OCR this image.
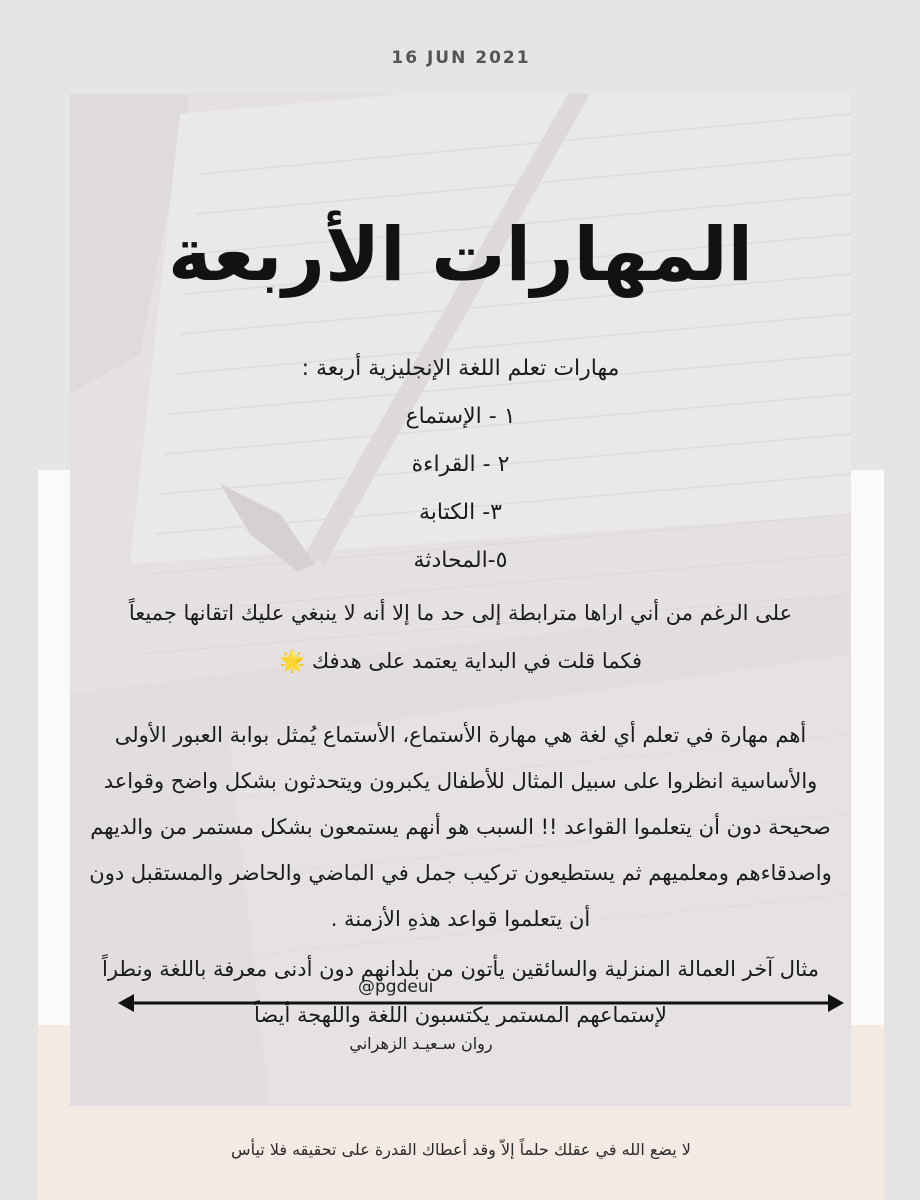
16 JUN 2021
المهارات الأربعة
مهارات تعلم اللغة الإنجليزية أربعة :
١ - الإستماع
٢ - القراءة
٣- الكتابة
٥-المحادثة
على الرغم من أني اراها مترابطة إلى حد ما إلا أنه لا ينبغي عليك اتقانها جميعاً
فكما قلت في البداية يعتمد على هدفك 🌟
أهم مهارة في تعلم أي لغة هي مهارة الأستماع، الأستماع يُمثل بوابة العبور الأولى والأساسية انظروا على سبيل المثال للأطفال يكبرون ويتحدثون بشكل واضح وقواعد صحيحة دون أن يتعلموا القواعد !! السبب هو أنهم يستمعون بشكل مستمر من والديهم واصدقاءهم ومعلميهم ثم يستطيعون تركيب جمل في الماضي والحاضر والمستقبل دون أن يتعلموا قواعد هذهِ الأزمنة .
مثال آخر العمالة المنزلية والسائقين يأتون من بلدانهم دون أدنى معرفة باللغة ونطراً لإستماعهم المستمر يكتسبون اللغة واللهجة أيضاً
روان سـعيـد الزهراني
@pgdeui
لا يضع الله في عقلك حلماً إلاّ وقد أعطاك القدرة على تحقيقه فلا تيأس
